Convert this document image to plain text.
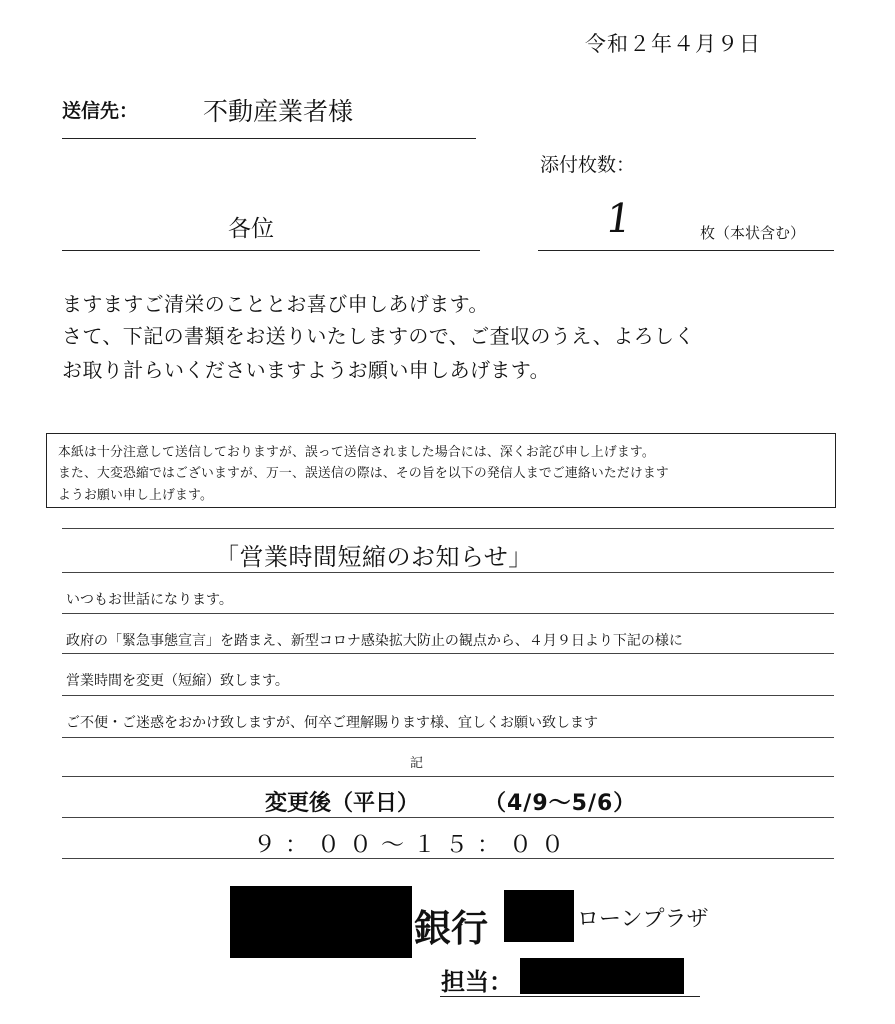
令和２年４月９日
送信先：	不動産業者様
添付枚数：
各位	1	枚（本状含む）
ますますご清栄のこととお喜び申しあげます。
さて、下記の書類をお送りいたしますので、ご査収のうえ、よろしく
お取り計らいくださいますようお願い申しあげます。
本紙は十分注意して送信しておりますが、誤って送信されました場合には、深くお詫び申し上げます。
また、大変恐縮ではございますが、万一、誤送信の際は、その旨を以下の発信人までご連絡いただけます
ようお願い申し上げます。
「営業時間短縮のお知らせ」
いつもお世話になります。
政府の「緊急事態宣言」を踏まえ、新型コロナ感染拡大防止の観点から、４月９日より下記の様に
営業時間を変更（短縮）致します。
ご不便・ご迷惑をおかけ致しますが、何卒ご理解賜ります様、宜しくお願い致します
記
変更後（平日）	（4/9～5/6）
９：００～１５：００
銀行	ローンプラザ
担当：
